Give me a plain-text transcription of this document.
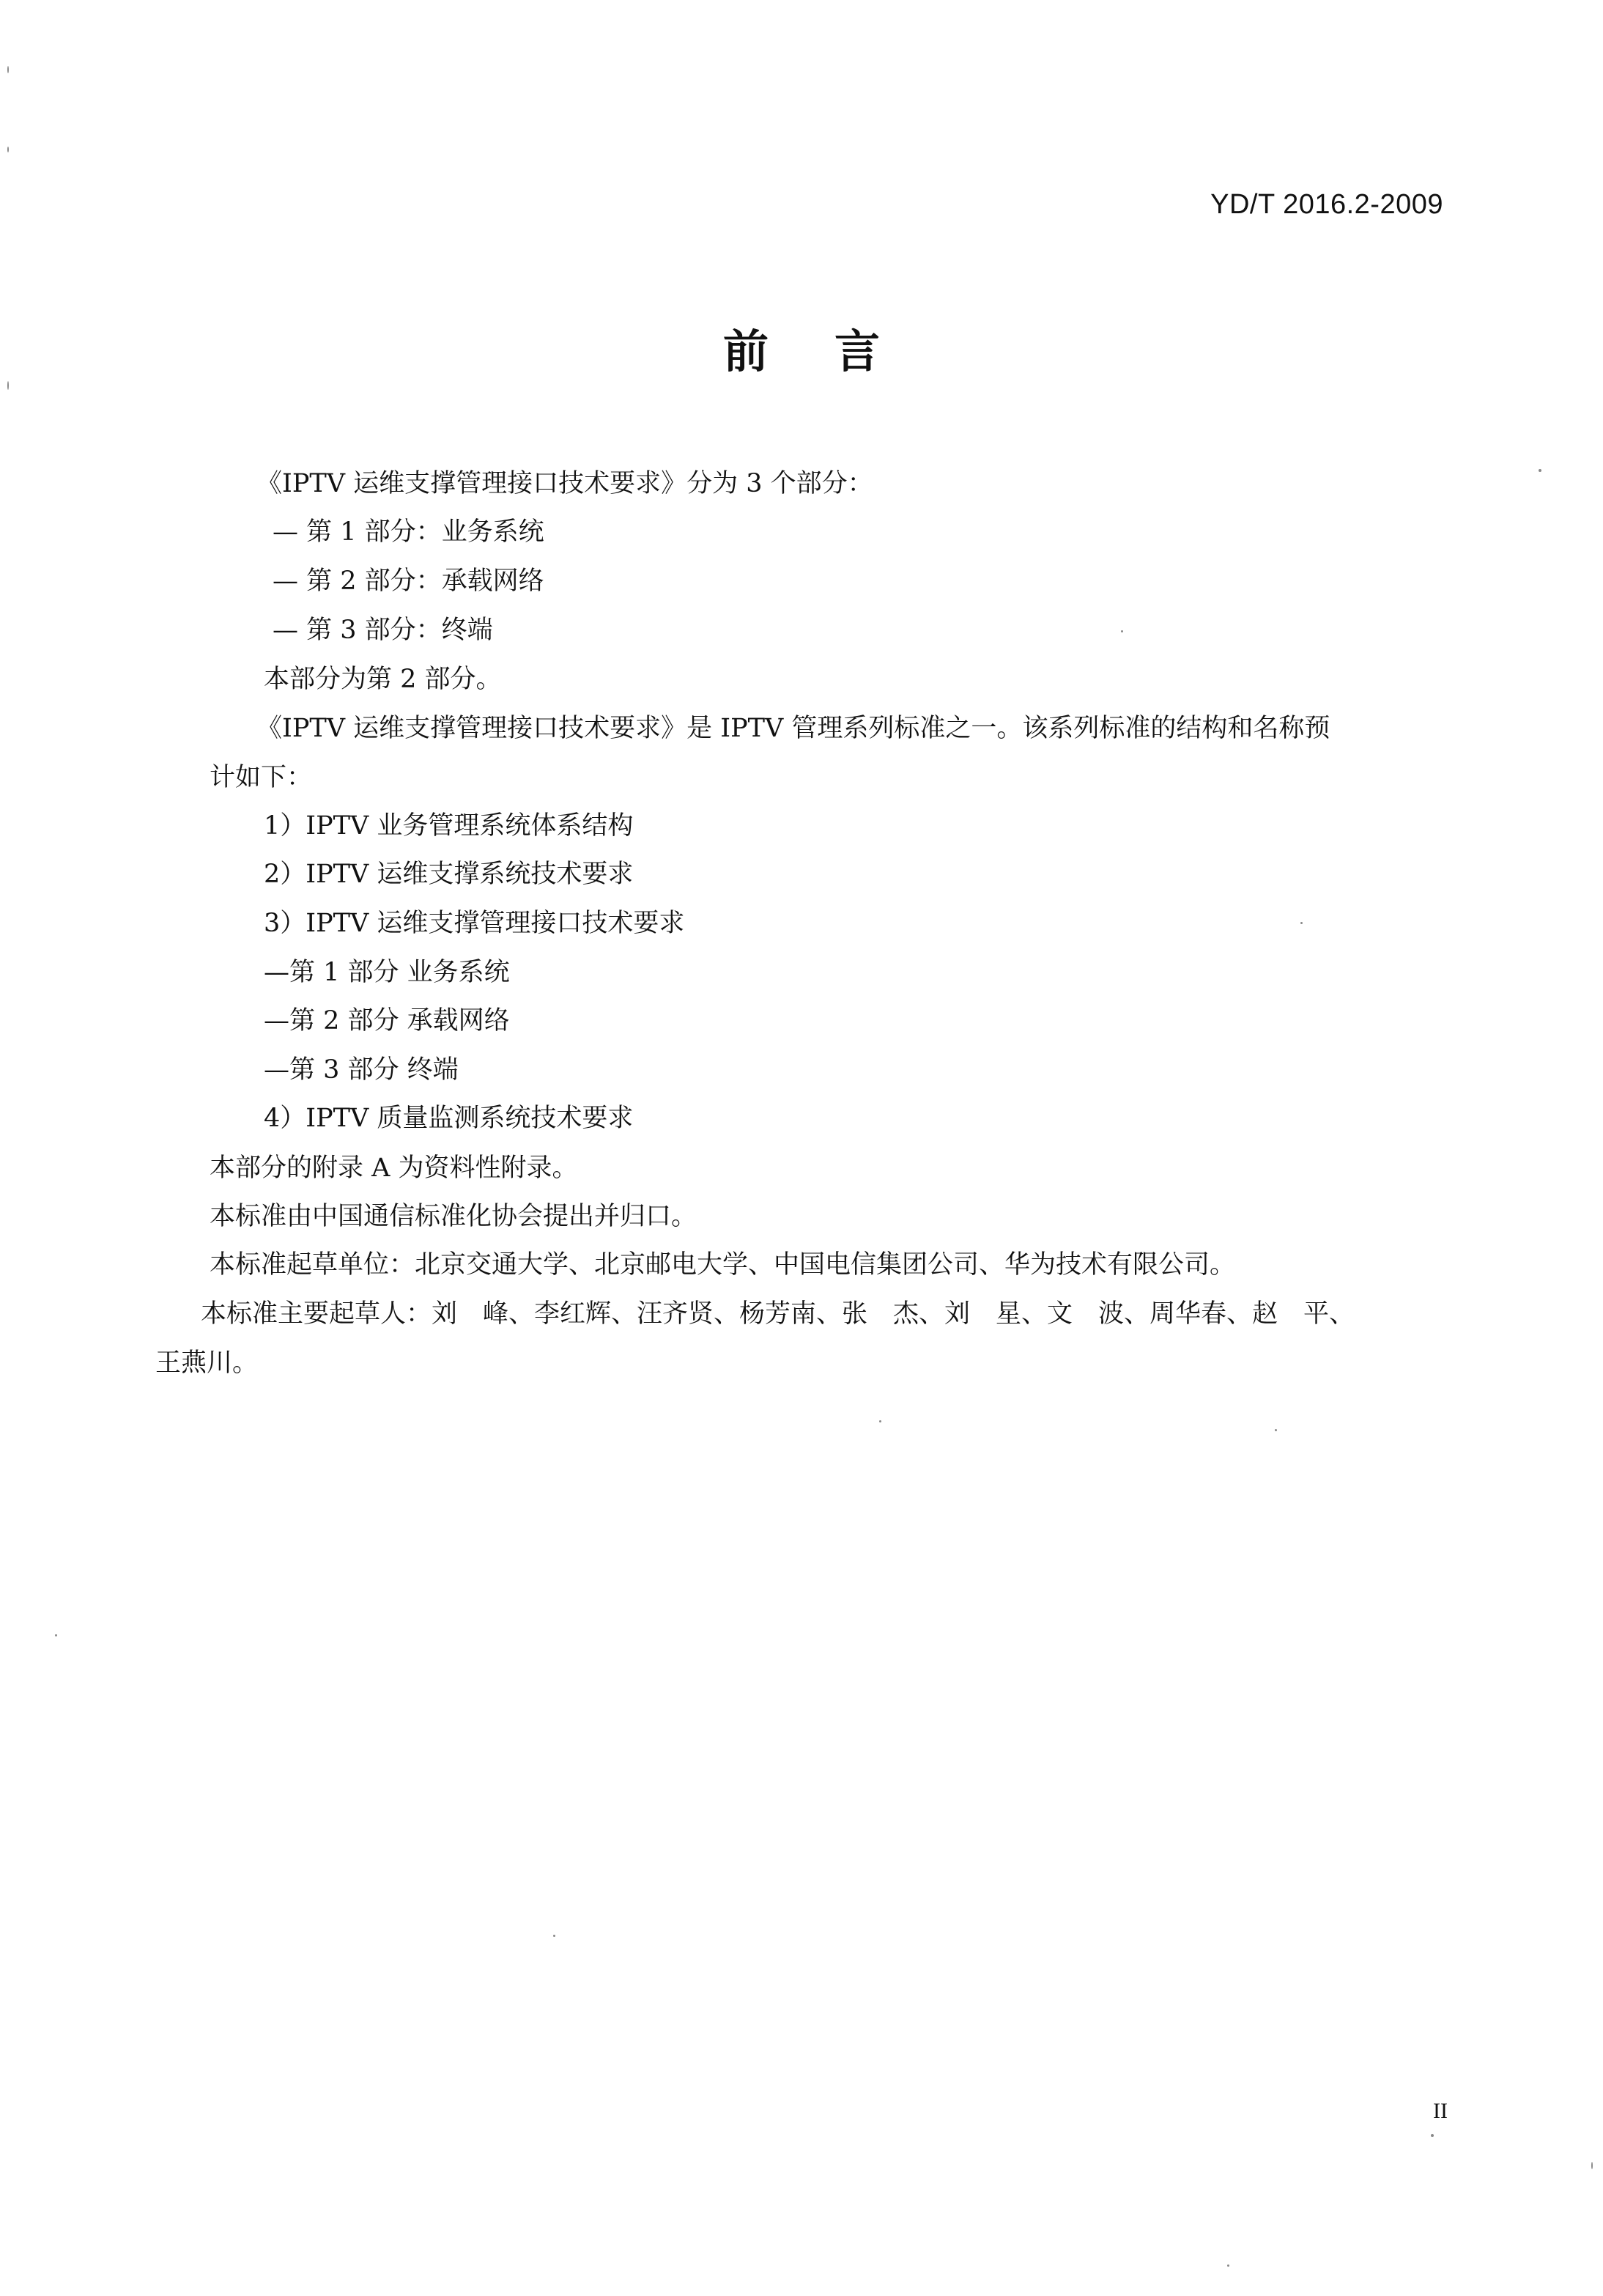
YD/T 2016.2-2009
前言
《IPTV 运维支撑管理接口技术要求》分为 3 个部分：
— 第 1 部分：业务系统
— 第 2 部分：承载网络
— 第 3 部分：终端
本部分为第 2 部分。
《IPTV 运维支撑管理接口技术要求》是 IPTV 管理系列标准之一。该系列标准的结构和名称预
计如下：
1）IPTV 业务管理系统体系结构
2）IPTV 运维支撑系统技术要求
3）IPTV 运维支撑管理接口技术要求
—第 1 部分 业务系统
—第 2 部分 承载网络
—第 3 部分 终端
4）IPTV 质量监测系统技术要求
本部分的附录 A 为资料性附录。
本标准由中国通信标准化协会提出并归口。
本标准起草单位：北京交通大学、北京邮电大学、中国电信集团公司、华为技术有限公司。
本标准主要起草人：刘　峰、李红辉、汪齐贤、杨芳南、张　杰、刘　星、文　波、周华春、赵　平、
王燕川。
II
